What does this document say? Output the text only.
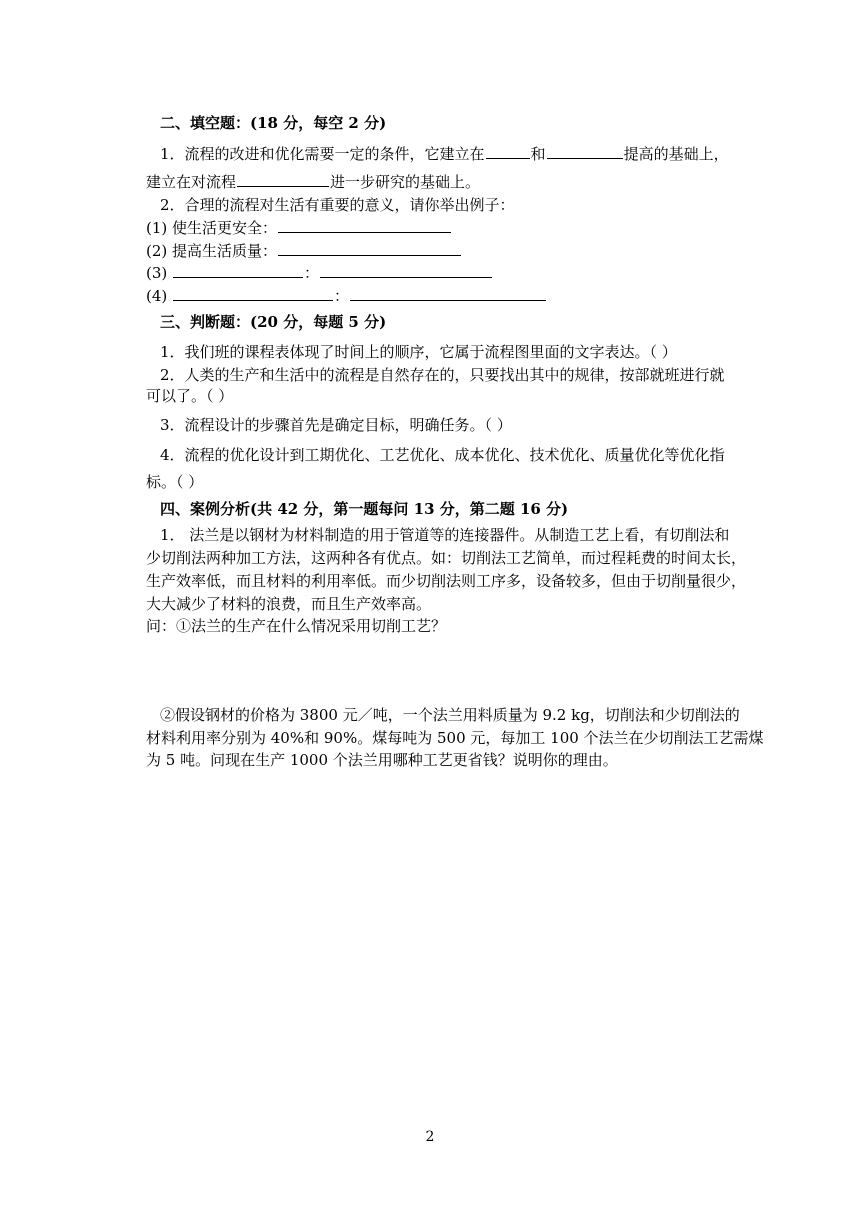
二、填空题：(18 分，每空 2 分)
1．流程的改进和优化需要一定的条件，它建立在	和	提高的基础上，
建立在对流程	进一步研究的基础上。
2．合理的流程对生活有重要的意义，请你举出例子：
(1) 使生活更安全：
(2) 提高生活质量：
(3)	：
(4)	：
三、判断题：(20 分，每题 5 分)
1．我们班的课程表体现了时间上的顺序，它属于流程图里面的文字表达。（ ）
2．人类的生产和生活中的流程是自然存在的，只要找出其中的规律，按部就班进行就
可以了。（ ）
3．流程设计的步骤首先是确定目标，明确任务。（ ）
4．流程的优化设计到工期优化、工艺优化、成本优化、技术优化、质量优化等优化指
标。（ ）
四、案例分析(共 42 分，第一题每问 13 分，第二题 16 分)
1． 法兰是以钢材为材料制造的用于管道等的连接器件。从制造工艺上看，有切削法和
少切削法两种加工方法，这两种各有优点。如：切削法工艺简单，而过程耗费的时间太长，
生产效率低，而且材料的利用率低。而少切削法则工序多，设备较多，但由于切削量很少，
大大减少了材料的浪费，而且生产效率高。
问：①法兰的生产在什么情况采用切削工艺？
②假设钢材的价格为 3800 元／吨，一个法兰用料质量为 9.2 kg，切削法和少切削法的
材料利用率分别为 40%和 90%。煤每吨为 500 元，每加工 100 个法兰在少切削法工艺需煤
为 5 吨。问现在生产 1000 个法兰用哪种工艺更省钱？说明你的理由。
2
